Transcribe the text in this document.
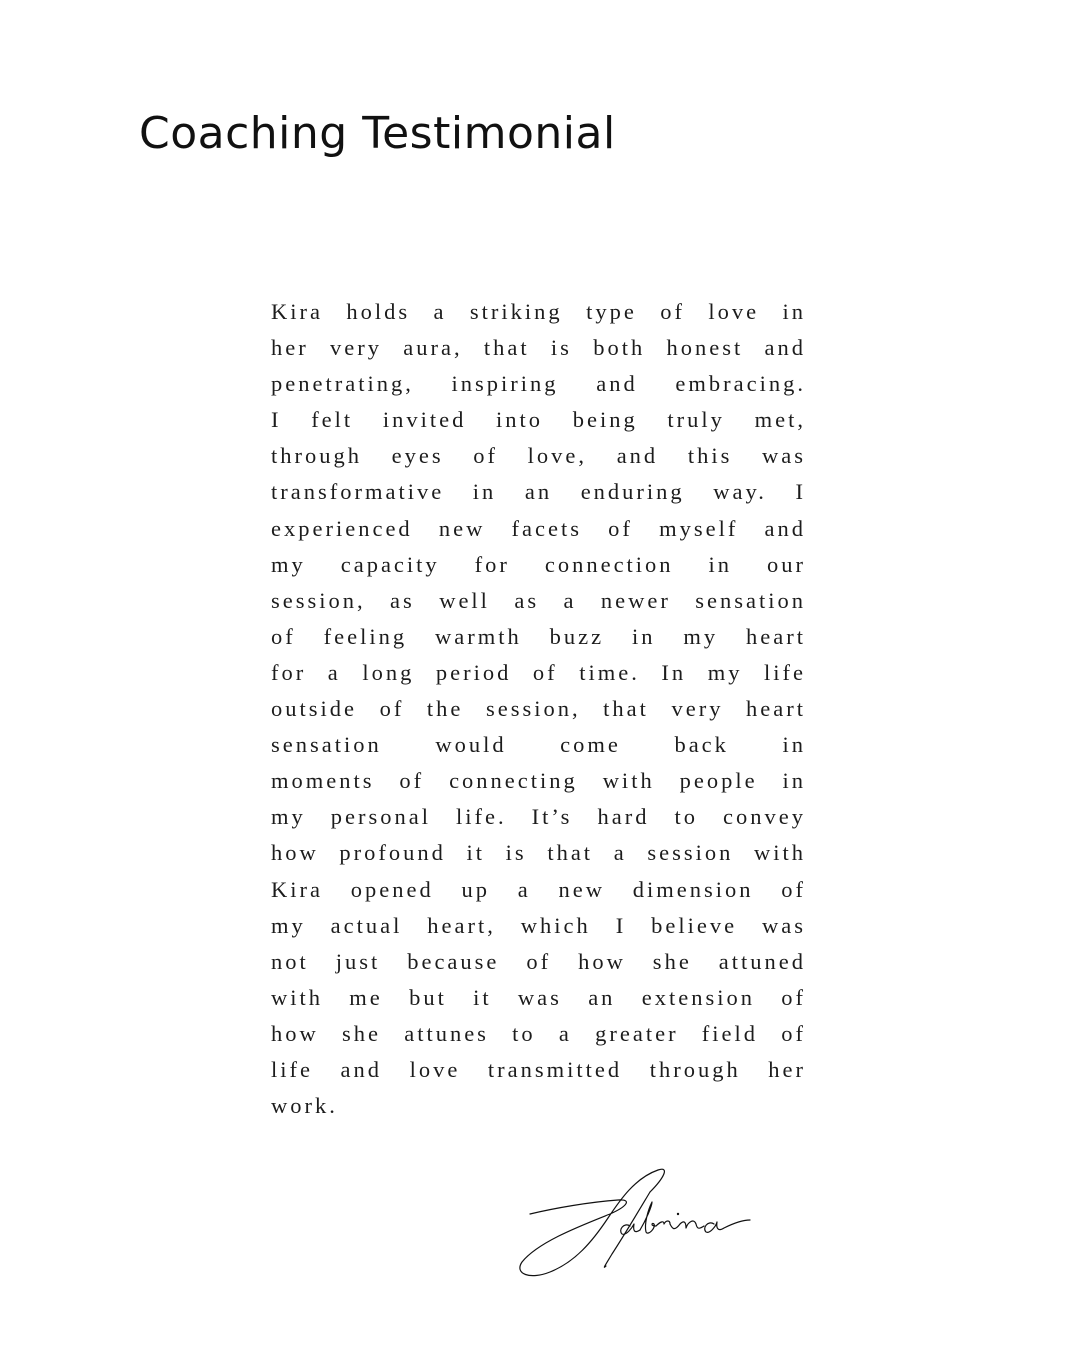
Coaching Testimonial
Kira holds a striking type of love in
her very aura, that is both honest and
penetrating, inspiring and embracing.
I felt invited into being truly met,
through eyes of love, and this was
transformative in an enduring way. I
experienced new facets of myself and
my capacity for connection in our
session, as well as a newer sensation
of feeling warmth buzz in my heart
for a long period of time. In my life
outside of the session, that very heart
sensation would come back in
moments of connecting with people in
my personal life. It’s hard to convey
how profound it is that a session with
Kira opened up a new dimension of
my actual heart, which I believe was
not just because of how she attuned
with me but it was an extension of
how she attunes to a greater field of
life and love transmitted through her
work.
